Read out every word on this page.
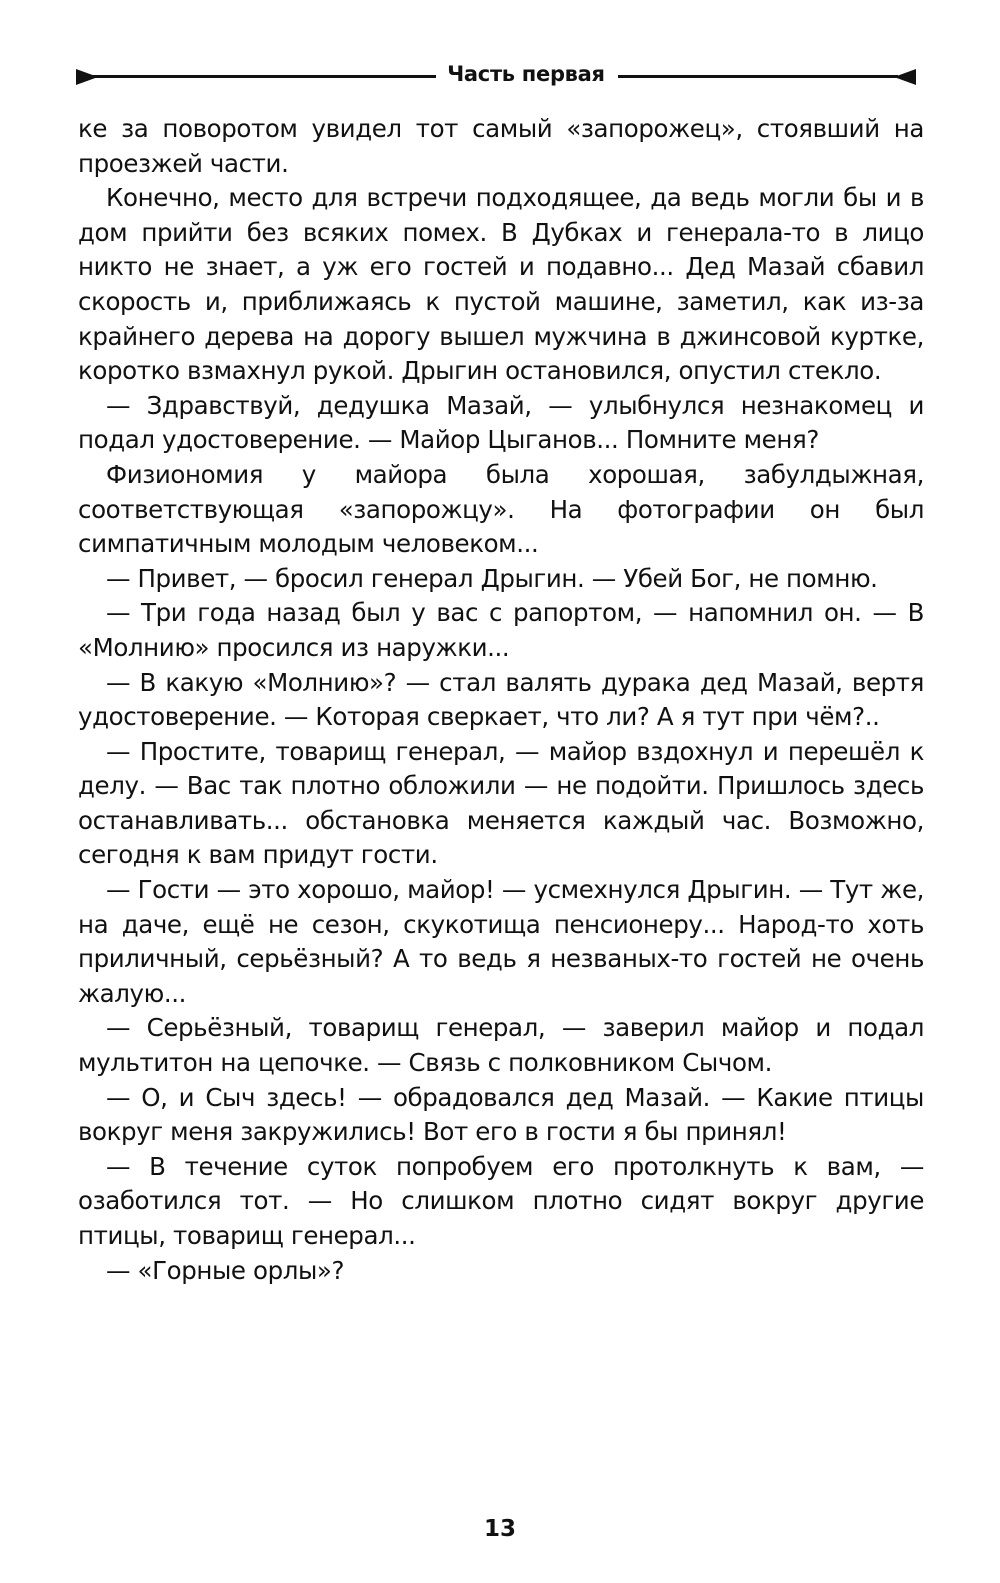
Часть первая

ке за поворотом увидел тот самый «запорожец», стоявший на проезжей части.

Конечно, место для встречи подходящее, да ведь могли бы и в дом прийти без всяких помех. В Дубках и генерала-то в лицо никто не знает, а уж его гостей и подавно... Дед Мазай сбавил скорость и, приближаясь к пустой машине, заметил, как из-за крайнего дерева на дорогу вышел мужчина в джинсовой куртке, коротко взмахнул рукой. Дрыгин остановился, опустил стекло.

— Здравствуй, дедушка Мазай, — улыбнулся незнакомец и подал удостоверение. — Майор Цыганов... Помните меня?

Физиономия у майора была хорошая, забулдыжная, соответствующая «запорожцу». На фотографии он был симпатичным молодым человеком...

— Привет, — бросил генерал Дрыгин. — Убей Бог, не помню.

— Три года назад был у вас с рапортом, — напомнил он. — В «Молнию» просился из наружки...

— В какую «Молнию»? — стал валять дурака дед Мазай, вертя удостоверение. — Которая сверкает, что ли? А я тут при чём?..

— Простите, товарищ генерал, — майор вздохнул и перешёл к делу. — Вас так плотно обложили — не подойти. Пришлось здесь останавливать... обстановка меняется каждый час. Возможно, сегодня к вам придут гости.

— Гости — это хорошо, майор! — усмехнулся Дрыгин. — Тут же, на даче, ещё не сезон, скукотища пенсионеру... Народ-то хоть приличный, серьёзный? А то ведь я незваных-то гостей не очень жалую...

— Серьёзный, товарищ генерал, — заверил майор и подал мультитон на цепочке. — Связь с полковником Сычом.

— О, и Сыч здесь! — обрадовался дед Мазай. — Какие птицы вокруг меня закружились! Вот его в гости я бы принял!

— В течение суток попробуем его протолкнуть к вам, — озаботился тот. — Но слишком плотно сидят вокруг другие птицы, товарищ генерал...

— «Горные орлы»?

13
